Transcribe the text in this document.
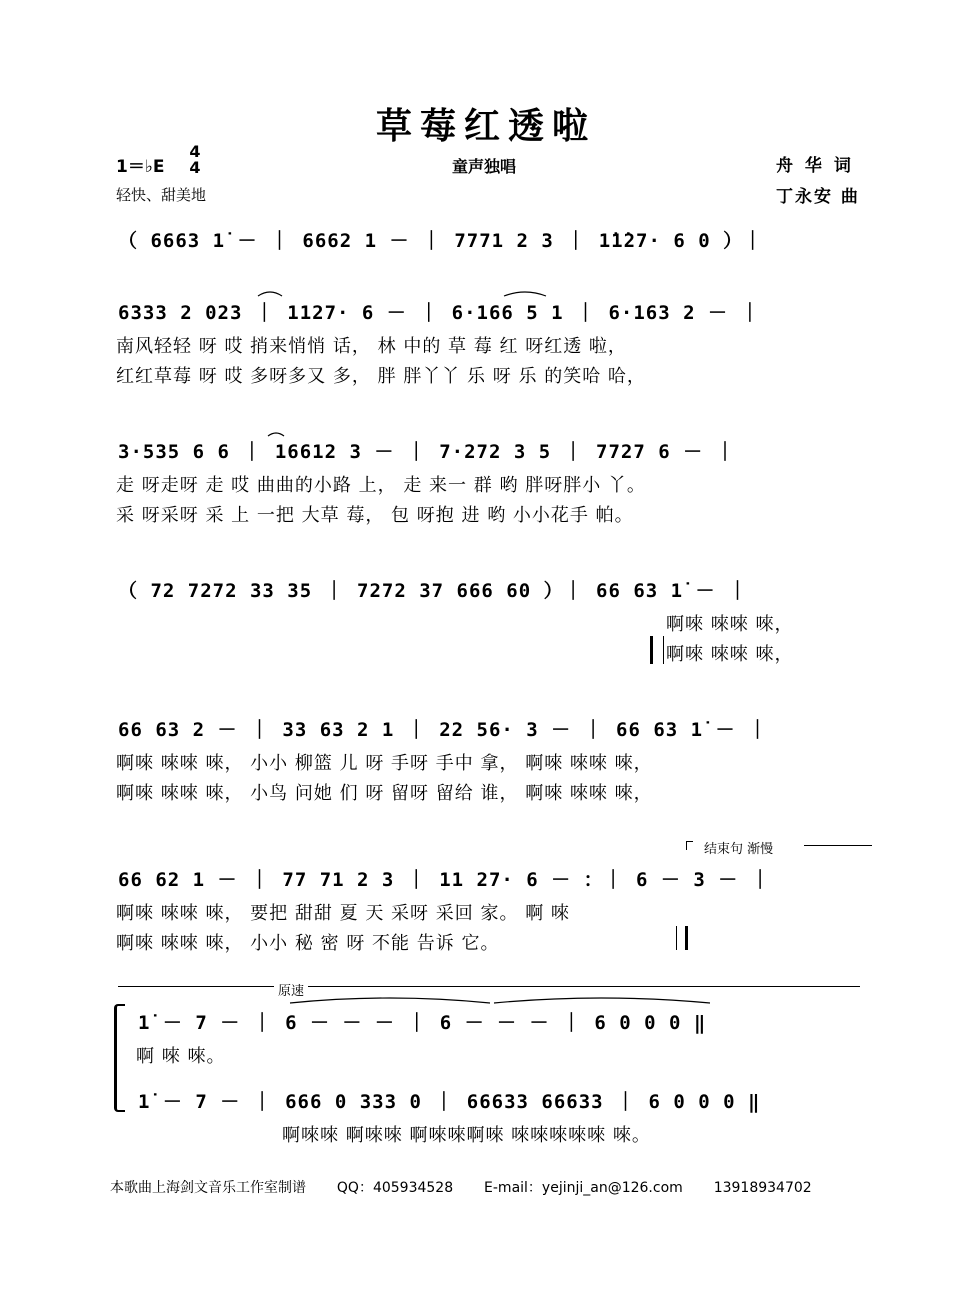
草莓红透啦
1＝♭E
4
4
轻快、甜美地
童声独唱	舟 华 词
丁永安 曲
（ 6663 1̇ － ｜ 6662 1 － ｜ 7771 2 3 ｜ 1̇1̇27· 6 0 ）｜
6333 2 023 ｜ 1127· 6 － ｜ 6·166 5 1 ｜ 6·163 2 － ｜
南风轻轻 呀 哎 捎来悄悄 话， 林 中的 草 莓 红 呀红透 啦，
红红草莓 呀 哎 多呀多又 多， 胖 胖丫丫 乐 呀 乐 的笑哈 哈，
3·535 6 6 ｜ 16612 3 － ｜ 7·272 3 5 ｜ 7727 6 － ｜
走 呀走呀 走 哎 曲曲的小路 上， 走 来一 群 哟 胖呀胖小 丫。
采 呀采呀 采 上 一把 大草 莓， 包 呀抱 进 哟 小小花手 帕。
（ 72 7272 33 35 ｜ 7272 37 666 60 ）｜ 66 63 1̇ － ｜
啊唻 唻唻 唻，
啊唻 唻唻 唻，
66 63 2 － ｜ 33 63 2 1 ｜ 22 56· 3 － ｜ 66 63 1̇ － ｜
啊唻 唻唻 唻， 小小 柳篮 儿 呀 手呀 手中 拿， 啊唻 唻唻 唻，
啊唻 唻唻 唻， 小鸟 问她 们 呀 留呀 留给 谁， 啊唻 唻唻 唻，
结束句 渐慢
66 62 1 － ｜ 77 71 2 3 ｜ 11 27· 6 － ：｜ 6 － 3 － ｜
啊唻 唻唻 唻， 要把 甜甜 夏 天 采呀 采回 家。 啊 唻
啊唻 唻唻 唻， 小小 秘 密 呀 不能 告诉 它。
原速
1̇ － 7 － ｜ 6 － － － ｜ 6 － － － ｜ 6 0 0 0 ‖
啊 唻 唻。
1̇ － 7 － ｜ 666 0 333 0 ｜ 66633 66633 ｜ 6 0 0 0 ‖
啊唻唻 啊唻唻 啊唻唻啊唻 唻唻唻唻唻 唻。
本歌曲上海剑文音乐工作室制谱 QQ：405934528 E-mail：yejinji_an@126.com 13918934702
